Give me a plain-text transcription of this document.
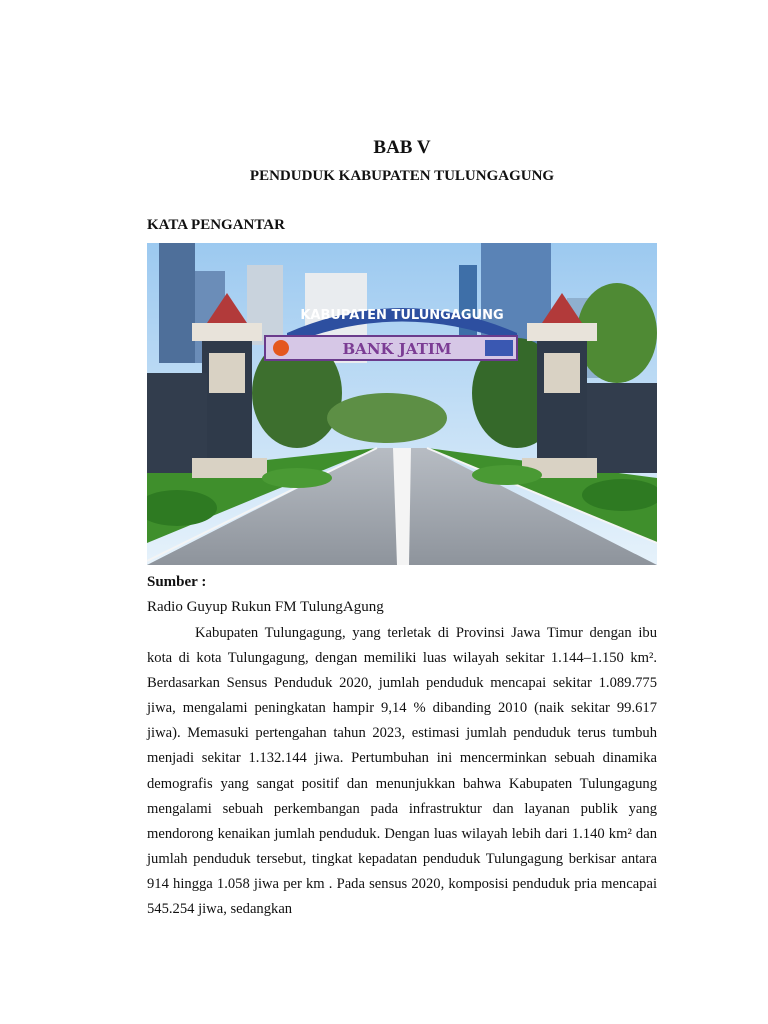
BAB V
PENDUDUK KABUPATEN TULUNGAGUNG
KATA PENGANTAR
KABUPATEN TULUNGAGUNG
BANK JATIM
Sumber :
Radio Guyup Rukun FM TulungAgung

Kabupaten Tulungagung, yang terletak di Provinsi Jawa Timur dengan ibu kota di kota Tulungagung, dengan memiliki luas wilayah sekitar 1.144–1.150 km². Berdasarkan Sensus Penduduk 2020, jumlah penduduk mencapai sekitar 1.089.775 jiwa, mengalami peningkatan hampir 9,14 % dibanding 2010 (naik sekitar 99.617 jiwa). Memasuki pertengahan tahun 2023, estimasi jumlah penduduk terus tumbuh menjadi sekitar 1.132.144 jiwa. Pertumbuhan ini mencerminkan sebuah dinamika demografis yang sangat positif dan menunjukkan bahwa Kabupaten Tulungagung mengalami sebuah perkembangan pada infrastruktur dan layanan publik yang mendorong kenaikan jumlah penduduk. Dengan luas wilayah lebih dari 1.140 km² dan jumlah penduduk tersebut, tingkat kepadatan penduduk Tulungagung berkisar antara 914 hingga 1.058 jiwa per km . Pada sensus 2020, komposisi penduduk pria mencapai 545.254 jiwa, sedangkan
